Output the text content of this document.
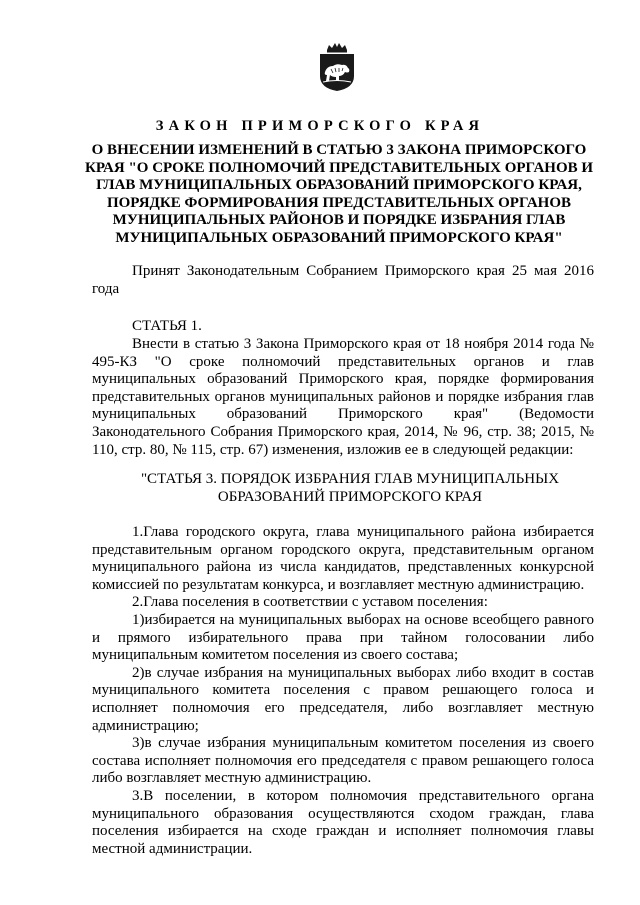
ЗАКОН ПРИМОРСКОГО КРАЯ

О ВНЕСЕНИИ ИЗМЕНЕНИЙ В СТАТЬЮ 3 ЗАКОНА ПРИМОРСКОГО КРАЯ "О СРОКЕ ПОЛНОМОЧИЙ ПРЕДСТАВИТЕЛЬНЫХ ОРГАНОВ И ГЛАВ МУНИЦИПАЛЬНЫХ ОБРАЗОВАНИЙ ПРИМОРСКОГО КРАЯ, ПОРЯДКЕ ФОРМИРОВАНИЯ ПРЕДСТАВИТЕЛЬНЫХ ОРГАНОВ МУНИЦИПАЛЬНЫХ РАЙОНОВ И ПОРЯДКЕ ИЗБРАНИЯ ГЛАВ МУНИЦИПАЛЬНЫХ ОБРАЗОВАНИЙ ПРИМОРСКОГО КРАЯ"

Принят Законодательным Собранием Приморского края 25 мая 2016 года

СТАТЬЯ 1.

Внести в статью 3 Закона Приморского края от 18 ноября 2014 года № 495-КЗ "О сроке полномочий представительных органов и глав муниципальных образований Приморского края, порядке формирования представительных органов муниципальных районов и порядке избрания глав муниципальных образований Приморского края" (Ведомости Законодательного Собрания Приморского края, 2014, № 96, стр. 38; 2015, № 110, стр. 80, № 115, стр. 67) изменения, изложив ее в следующей редакции:

"СТАТЬЯ 3. ПОРЯДОК ИЗБРАНИЯ ГЛАВ МУНИЦИПАЛЬНЫХ
ОБРАЗОВАНИЙ ПРИМОРСКОГО КРАЯ

1.Глава городского округа, глава муниципального района избирается представительным органом городского округа, представительным органом муниципального района из числа кандидатов, представленных конкурсной комиссией по результатам конкурса, и возглавляет местную администрацию.

2.Глава поселения в соответствии с уставом поселения:

1)избирается на муниципальных выборах на основе всеобщего равного и прямого избирательного права при тайном голосовании либо муниципальным комитетом поселения из своего состава;

2)в случае избрания на муниципальных выборах либо входит в состав муниципального комитета поселения с правом решающего голоса и исполняет полномочия его председателя, либо возглавляет местную администрацию;

3)в случае избрания муниципальным комитетом поселения из своего состава исполняет полномочия его председателя с правом решающего голоса либо возглавляет местную администрацию.

3.В поселении, в котором полномочия представительного органа муниципального образования осуществляются сходом граждан, глава поселения избирается на сходе граждан и исполняет полномочия главы местной администрации.
